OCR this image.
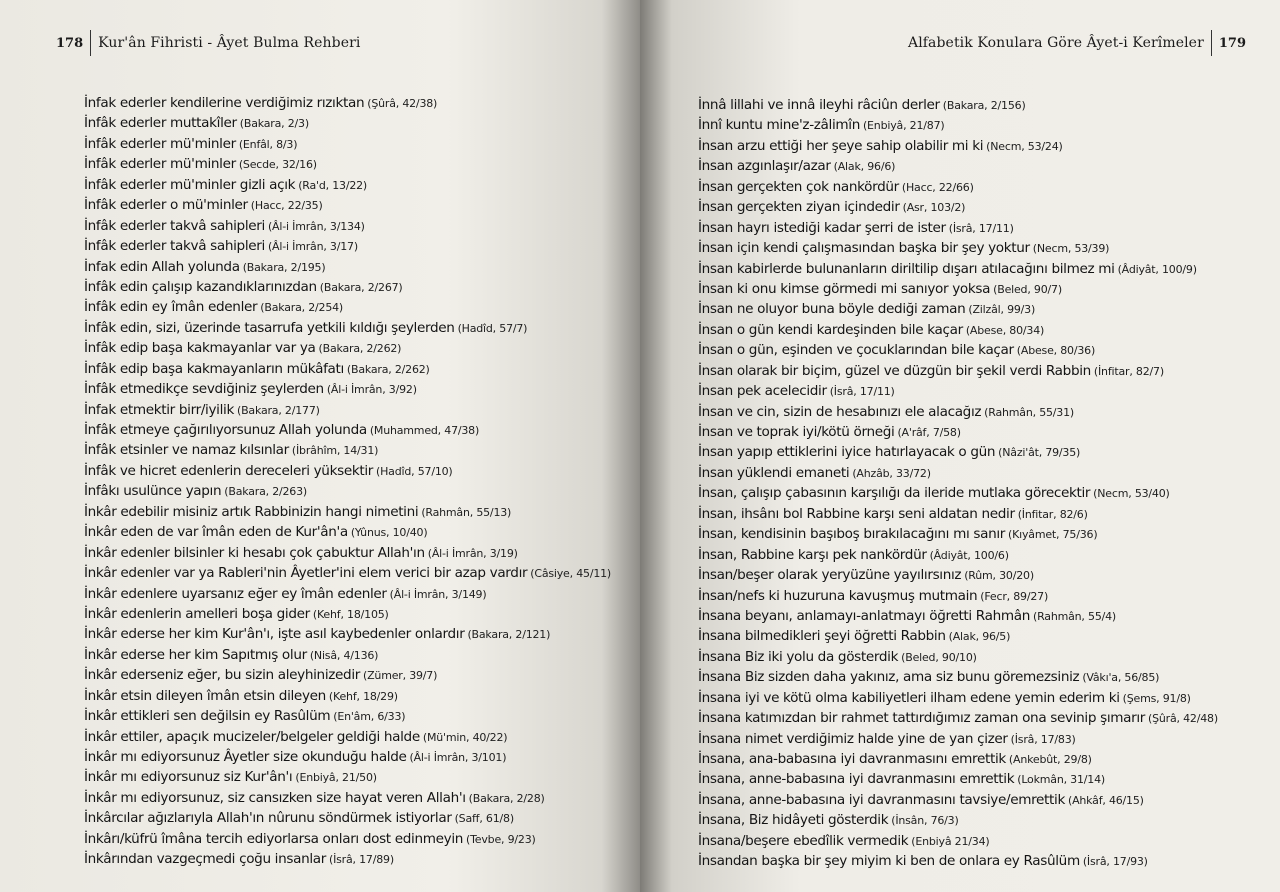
178 Kur'ân Fihristi - Âyet Bulma Rehberi
İnfak ederler kendilerine verdiğimiz rızıktan (Şûrâ, 42/38)
İnfâk ederler muttakîler (Bakara, 2/3)
İnfâk ederler mü'minler (Enfâl, 8/3)
İnfâk ederler mü'minler (Secde, 32/16)
İnfâk ederler mü'minler gizli açık (Ra'd, 13/22)
İnfâk ederler o mü'minler (Hacc, 22/35)
İnfâk ederler takvâ sahipleri (Âl-i İmrân, 3/134)
İnfâk ederler takvâ sahipleri (Âl-i İmrân, 3/17)
İnfak edin Allah yolunda (Bakara, 2/195)
İnfâk edin çalışıp kazandıklarınızdan (Bakara, 2/267)
İnfâk edin ey îmân edenler (Bakara, 2/254)
İnfâk edin, sizi, üzerinde tasarrufa yetkili kıldığı şeylerden (Hadîd, 57/7)
İnfâk edip başa kakmayanlar var ya (Bakara, 2/262)
İnfâk edip başa kakmayanların mükâfatı (Bakara, 2/262)
İnfâk etmedikçe sevdiğiniz şeylerden (Âl-i İmrân, 3/92)
İnfak etmektir birr/iyilik (Bakara, 2/177)
İnfâk etmeye çağırılıyorsunuz Allah yolunda (Muhammed, 47/38)
İnfâk etsinler ve namaz kılsınlar (İbrâhîm, 14/31)
İnfâk ve hicret edenlerin dereceleri yüksektir (Hadîd, 57/10)
İnfâkı usulünce yapın (Bakara, 2/263)
İnkâr edebilir misiniz artık Rabbinizin hangi nimetini (Rahmân, 55/13)
İnkâr eden de var îmân eden de Kur'ân'a (Yûnus, 10/40)
İnkâr edenler bilsinler ki hesabı çok çabuktur Allah'ın (Âl-i İmrân, 3/19)
İnkâr edenler var ya Rableri'nin Âyetler'ini elem verici bir azap vardır (Câsiye, 45/11)
İnkâr edenlere uyarsanız eğer ey îmân edenler (Âl-i İmrân, 3/149)
İnkâr edenlerin amelleri boşa gider (Kehf, 18/105)
İnkâr ederse her kim Kur'ân'ı, işte asıl kaybedenler onlardır (Bakara, 2/121)
İnkâr ederse her kim Sapıtmış olur (Nisâ, 4/136)
İnkâr ederseniz eğer, bu sizin aleyhinizedir (Zümer, 39/7)
İnkâr etsin dileyen îmân etsin dileyen (Kehf, 18/29)
İnkâr ettikleri sen değilsin ey Rasûlüm (En'âm, 6/33)
İnkâr ettiler, apaçık mucizeler/belgeler geldiği halde (Mü'min, 40/22)
İnkâr mı ediyorsunuz Âyetler size okunduğu halde (Âl-i İmrân, 3/101)
İnkâr mı ediyorsunuz siz Kur'ân'ı (Enbiyâ, 21/50)
İnkâr mı ediyorsunuz, siz cansızken size hayat veren Allah'ı (Bakara, 2/28)
İnkârcılar ağızlarıyla Allah'ın nûrunu söndürmek istiyorlar (Saff, 61/8)
İnkârı/küfrü îmâna tercih ediyorlarsa onları dost edinmeyin (Tevbe, 9/23)
İnkârından vazgeçmedi çoğu insanlar (İsrâ, 17/89)
Alfabetik Konulara Göre Âyet-i Kerîmeler 179
İnnâ lillahi ve innâ ileyhi râciûn derler (Bakara, 2/156)
İnnî kuntu mine'z-zâlimîn (Enbiyâ, 21/87)
İnsan arzu ettiği her şeye sahip olabilir mi ki (Necm, 53/24)
İnsan azgınlaşır/azar (Alak, 96/6)
İnsan gerçekten çok nankördür (Hacc, 22/66)
İnsan gerçekten ziyan içindedir (Asr, 103/2)
İnsan hayrı istediği kadar şerri de ister (İsrâ, 17/11)
İnsan için kendi çalışmasından başka bir şey yoktur (Necm, 53/39)
İnsan kabirlerde bulunanların diriltilip dışarı atılacağını bilmez mi (Âdiyât, 100/9)
İnsan ki onu kimse görmedi mi sanıyor yoksa (Beled, 90/7)
İnsan ne oluyor buna böyle dediği zaman (Zilzâl, 99/3)
İnsan o gün kendi kardeşinden bile kaçar (Abese, 80/34)
İnsan o gün, eşinden ve çocuklarından bile kaçar (Abese, 80/36)
İnsan olarak bir biçim, güzel ve düzgün bir şekil verdi Rabbin (İnfitar, 82/7)
İnsan pek acelecidir (İsrâ, 17/11)
İnsan ve cin, sizin de hesabınızı ele alacağız (Rahmân, 55/31)
İnsan ve toprak iyi/kötü örneği (A'râf, 7/58)
İnsan yapıp ettiklerini iyice hatırlayacak o gün (Nâzi'ât, 79/35)
İnsan yüklendi emaneti (Ahzâb, 33/72)
İnsan, çalışıp çabasının karşılığı da ileride mutlaka görecektir (Necm, 53/40)
İnsan, ihsânı bol Rabbine karşı seni aldatan nedir (İnfitar, 82/6)
İnsan, kendisinin başıboş bırakılacağını mı sanır (Kıyâmet, 75/36)
İnsan, Rabbine karşı pek nankördür (Âdiyât, 100/6)
İnsan/beşer olarak yeryüzüne yayılırsınız (Rûm, 30/20)
İnsan/nefs ki huzuruna kavuşmuş mutmain (Fecr, 89/27)
İnsana beyanı, anlamayı-anlatmayı öğretti Rahmân (Rahmân, 55/4)
İnsana bilmedikleri şeyi öğretti Rabbin (Alak, 96/5)
İnsana Biz iki yolu da gösterdik (Beled, 90/10)
İnsana Biz sizden daha yakınız, ama siz bunu göremezsiniz (Vâkı'a, 56/85)
İnsana iyi ve kötü olma kabiliyetleri ilham edene yemin ederim ki (Şems, 91/8)
İnsana katımızdan bir rahmet tattırdığımız zaman ona sevinip şımarır (Şûrâ, 42/48)
İnsana nimet verdiğimiz halde yine de yan çizer (İsrâ, 17/83)
İnsana, ana-babasına iyi davranmasını emrettik (Ankebût, 29/8)
İnsana, anne-babasına iyi davranmasını emrettik (Lokmân, 31/14)
İnsana, anne-babasına iyi davranmasını tavsiye/emrettik (Ahkâf, 46/15)
İnsana, Biz hidâyeti gösterdik (İnsân, 76/3)
İnsana/beşere ebedîlik vermedik (Enbiyâ 21/34)
İnsandan başka bir şey miyim ki ben de onlara ey Rasûlüm (İsrâ, 17/93)
